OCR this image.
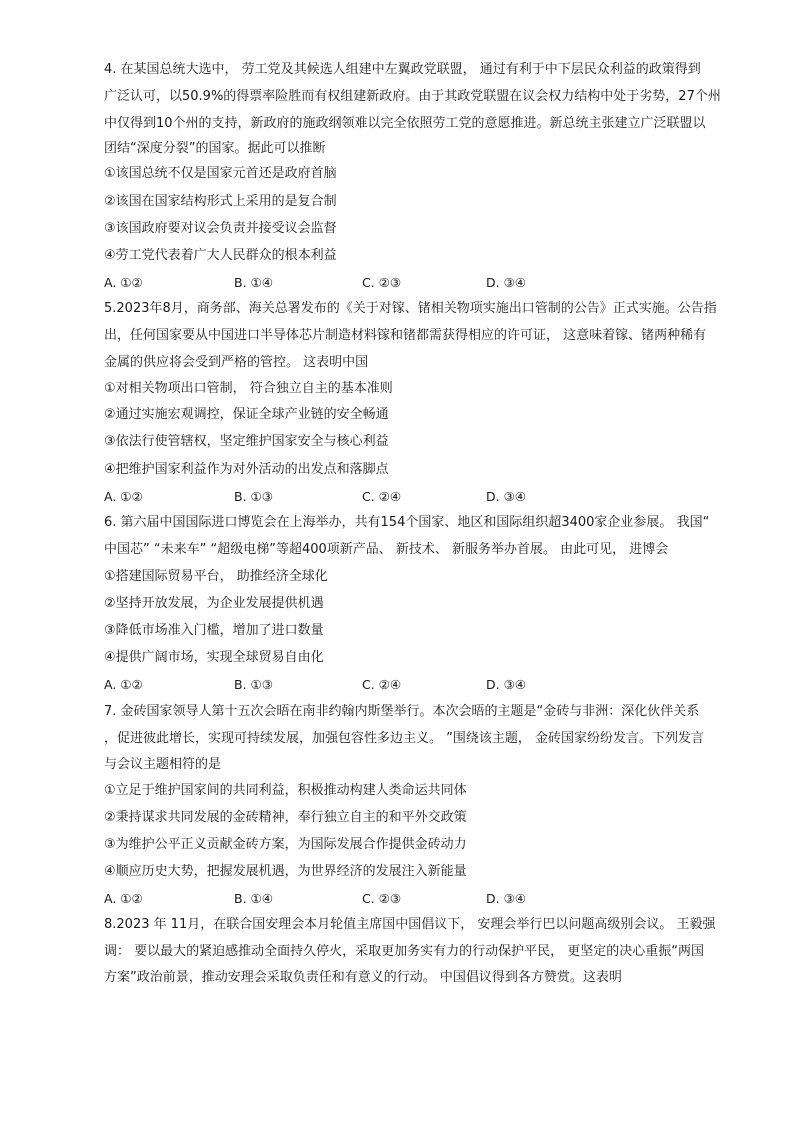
4. 在某国总统大选中， 劳工党及其候选人组建中左翼政党联盟， 通过有利于中下层民众利益的政策得到
广泛认可，以50.9%的得票率险胜而有权组建新政府。由于其政党联盟在议会权力结构中处于劣势，27个州
中仅得到10个州的支持，新政府的施政纲领难以完全依照劳工党的意愿推进。新总统主张建立广泛联盟以
团结“深度分裂”的国家。据此可以推断
①该国总统不仅是国家元首还是政府首脑
②该国在国家结构形式上采用的是复合制
③该国政府要对议会负责并接受议会监督
④劳工党代表着广大人民群众的根本利益
A. ①②	B. ①④	C. ②③	D. ③④
5.2023年8月，商务部、海关总署发布的《关于对镓、锗相关物项实施出口管制的公告》正式实施。公告指
出，任何国家要从中国进口半导体芯片制造材料镓和锗都需获得相应的许可证， 这意味着镓、锗两种稀有
金属的供应将会受到严格的管控。 这表明中国
①对相关物项出口管制， 符合独立自主的基本准则
②通过实施宏观调控，保证全球产业链的安全畅通
③依法行使管辖权，坚定维护国家安全与核心利益
④把维护国家利益作为对外活动的出发点和落脚点
A. ①②	B. ①③	C. ②④	D. ③④
6. 第六届中国国际进口博览会在上海举办，共有154个国家、地区和国际组织超3400家企业参展。 我国“
中国芯” “未来车” “超级电梯”等超400项新产品、 新技术、 新服务举办首展。 由此可见， 进博会
①搭建国际贸易平台， 助推经济全球化
②坚持开放发展，为企业发展提供机遇
③降低市场准入门槛，增加了进口数量
④提供广阔市场，实现全球贸易自由化
A. ①②	B. ①③	C. ②④	D. ③④
7. 金砖国家领导人第十五次会晤在南非约翰内斯堡举行。本次会晤的主题是“金砖与非洲：深化伙伴关系
，促进彼此增长，实现可持续发展，加强包容性多边主义。 ”围绕该主题， 金砖国家纷纷发言。下列发言
与会议主题相符的是
①立足于维护国家间的共同利益，积极推动构建人类命运共同体
②秉持谋求共同发展的金砖精神，奉行独立自主的和平外交政策
③为维护公平正义贡献金砖方案，为国际发展合作提供金砖动力
④顺应历史大势，把握发展机遇，为世界经济的发展注入新能量
A. ①②	B. ①④	C. ②③	D. ③④
8.2023 年 11月，在联合国安理会本月轮值主席国中国倡议下， 安理会举行巴以问题高级别会议。 王毅强
调： 要以最大的紧迫感推动全面持久停火，采取更加务实有力的行动保护平民， 更坚定的决心重振“两国
方案”政治前景，推动安理会采取负责任和有意义的行动。 中国倡议得到各方赞赏。这表明
